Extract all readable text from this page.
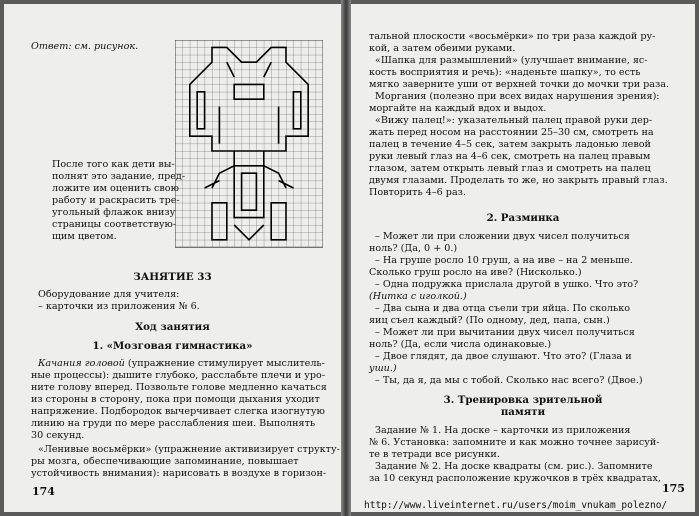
Ответ: см. рисунок.
После того как дети вы-
полнят это задание, пред-
ложите им оценить свою
работу и раскрасить тре-
угольный флажок внизу
страницы соответствую-
щим цветом.
ЗАНЯТИЕ 33
Оборудование для учителя:
– карточки из приложения № 6.
Ход занятия
1. «Мозговая гимнастика»
Качания головой (упражнение стимулирует мыслитель-
ные процессы): дышите глубоко, расслабьте плечи и уро-
ните голову вперед. Позвольте голове медленно качаться
из стороны в сторону, пока при помощи дыхания уходит
напряжение. Подбородок вычерчивает слегка изогнутую
линию на груди по мере расслабления шеи. Выполнять
30 секунд.
«Ленивые восьмёрки» (упражнение активизирует структу-
ры мозга, обеспечивающие запоминание, повышает
устойчивость внимания): нарисовать в воздухе в горизон-
174
тальной плоскости «восьмёрки» по три раза каждой ру-
кой, а затем обеими руками.
«Шапка для размышлений» (улучшает внимание, яс-
кость восприятия и речь): «наденьте шапку», то есть
мягко заверните уши от верхней точки до мочки три раза.
Моргания (полезно при всех видах нарушения зрения):
моргайте на каждый вдох и выдох.
«Вижу палец!»: указательный палец правой руки дер-
жать перед носом на расстоянии 25–30 см, смотреть на
палец в течение 4–5 сек, затем закрыть ладонью левой
руки левый глаз на 4–6 сек, смотреть на палец правым
глазом, затем открыть левый глаз и смотреть на палец
двумя глазами. Проделать то же, но закрыть правый глаз.
Повторить 4–6 раз.
2. Разминка
– Может ли при сложении двух чисел получиться
ноль? (Да, 0 + 0.)
– На груше росло 10 груш, а на иве – на 2 меньше.
Сколько груш росло на иве? (Нисколько.)
– Одна подружка прислала другой в ушко. Что это?
(Нитка с иголкой.)
– Два сына и два отца съели три яйца. По сколько
яиц съел каждый? (По одному, дед, папа, сын.)
– Может ли при вычитании двух чисел получиться
ноль? (Да, если числа одинаковые.)
– Двое глядят, да двое слушают. Что это? (Глаза и
уши.)
– Ты, да я, да мы с тобой. Сколько нас всего? (Двое.)
3. Тренировка зрительной
памяти
Задание № 1. На доске – карточки из приложения
№ 6. Установка: запомните и как можно точнее зарисуй-
те в тетради все рисунки.
Задание № 2. На доске квадраты (см. рис.). Запомните
за 10 секунд расположение кружочков в трёх квадратах,
175
http://www.liveinternet.ru/users/moim_vnukam_polezno/
